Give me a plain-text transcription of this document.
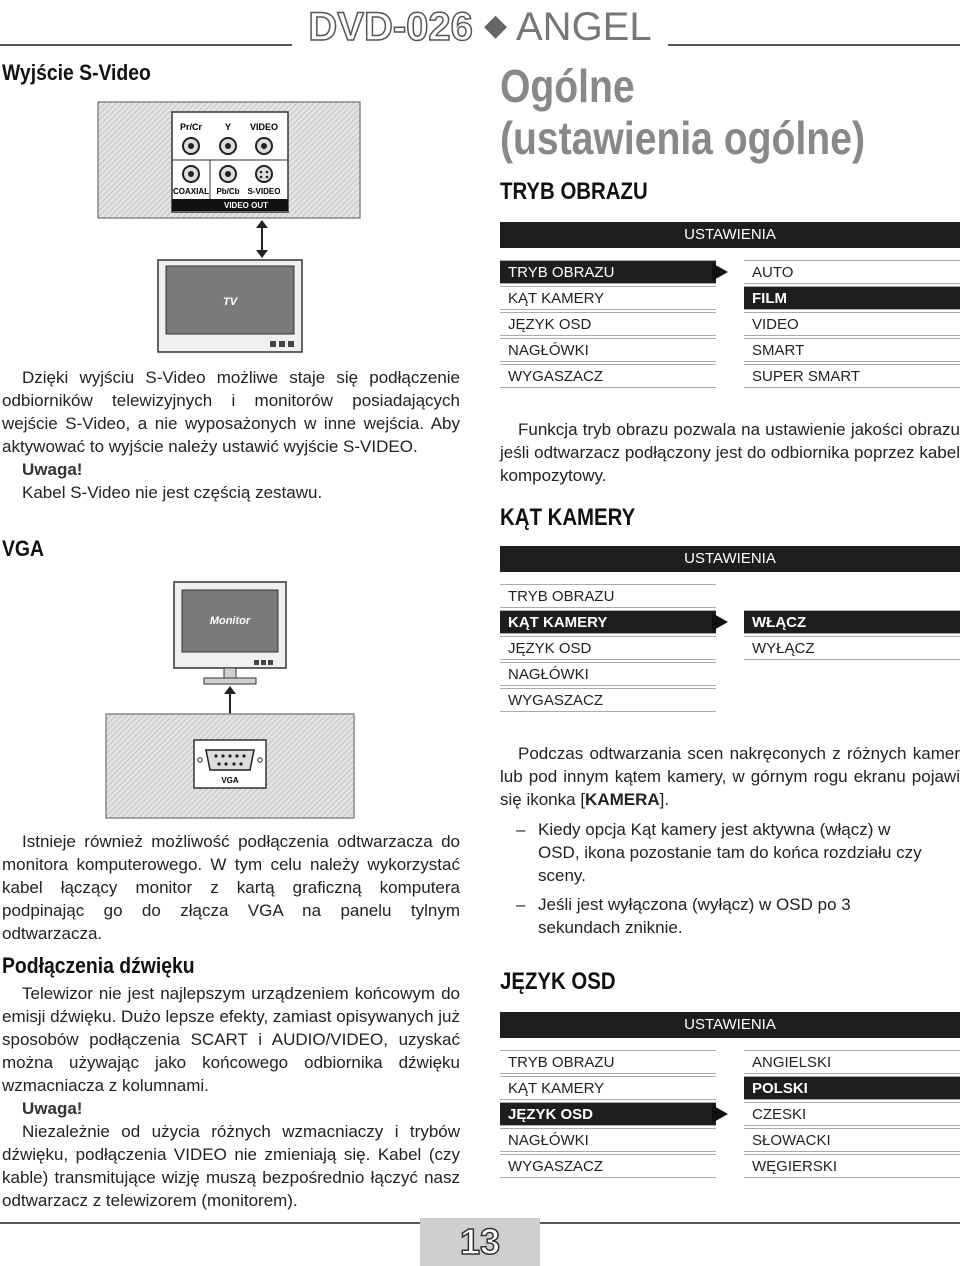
DVD-026 ◆ ANGEL
Wyjście S-Video
Pr/Cr	Y VIDEO
COAXIAL Pb/Cb S-VIDEO
VIDEO OUT
TV

Dzięki wyjściu S-Video możliwe staje się podłączenie odbiorników telewizyjnych i monitorów posiadających wejście S-Video, a nie wyposażonych w inne wejścia. Aby aktywować to wyjście należy ustawić wyjście S-VIDEO.

Uwaga!

Kabel S-Video nie jest częścią zestawu.

VGA
Monitor
VGA

Istnieje również możliwość podłączenia odtwarzacza do monitora komputerowego. W tym celu należy wykorzystać kabel łączący monitor z kartą graficzną komputera podpinając go do złącza VGA na panelu tylnym odtwarzacza.

Podłączenia dźwięku

Telewizor nie jest najlepszym urządzeniem końcowym do emisji dźwięku. Dużo lepsze efekty, zamiast opisywanych już sposobów podłączenia SCART i AUDIO/VIDEO, uzyskać można używając jako końcowego odbiornika dźwięku wzmacniacza z kolumnami.

Uwaga!

Niezależnie od użycia różnych wzmacniaczy i trybów dźwięku, podłączenia VIDEO nie zmieniają się. Kabel (czy kable) transmitujące wizję muszą bezpośrednio łączyć nasz odtwarzacz z telewizorem (monitorem).

Ogólne
(ustawienia ogólne)
TRYB OBRAZU
USTAWIENIA
TRYB OBRAZU
KĄT KAMERY
JĘZYK OSD
NAGŁÓWKI
WYGASZACZ
AUTO
FILM
VIDEO
SMART
SUPER SMART

Funkcja tryb obrazu pozwala na ustawienie jakości obrazu jeśli odtwarzacz podłączony jest do odbiornika poprzez kabel kompozytowy.

KĄT KAMERY
USTAWIENIA
TRYB OBRAZU
KĄT KAMERY
JĘZYK OSD
NAGŁÓWKI
WYGASZACZ
WŁĄCZ
WYŁĄCZ

Podczas odtwarzania scen nakręconych z różnych kamer lub pod innym kątem kamery, w górnym rogu ekranu pojawi się ikonka [KAMERA].

– Kiedy opcja Kąt kamery jest aktywna (włącz) w OSD, ikona pozostanie tam do końca rozdziału czy sceny.
– Jeśli jest wyłączona (wyłącz) w OSD po 3 sekundach zniknie.
JĘZYK OSD
USTAWIENIA
TRYB OBRAZU
KĄT KAMERY
JĘZYK OSD
NAGŁÓWKI
WYGASZACZ
ANGIELSKI
POLSKI
CZESKI
SŁOWACKI
WĘGIERSKI
13
